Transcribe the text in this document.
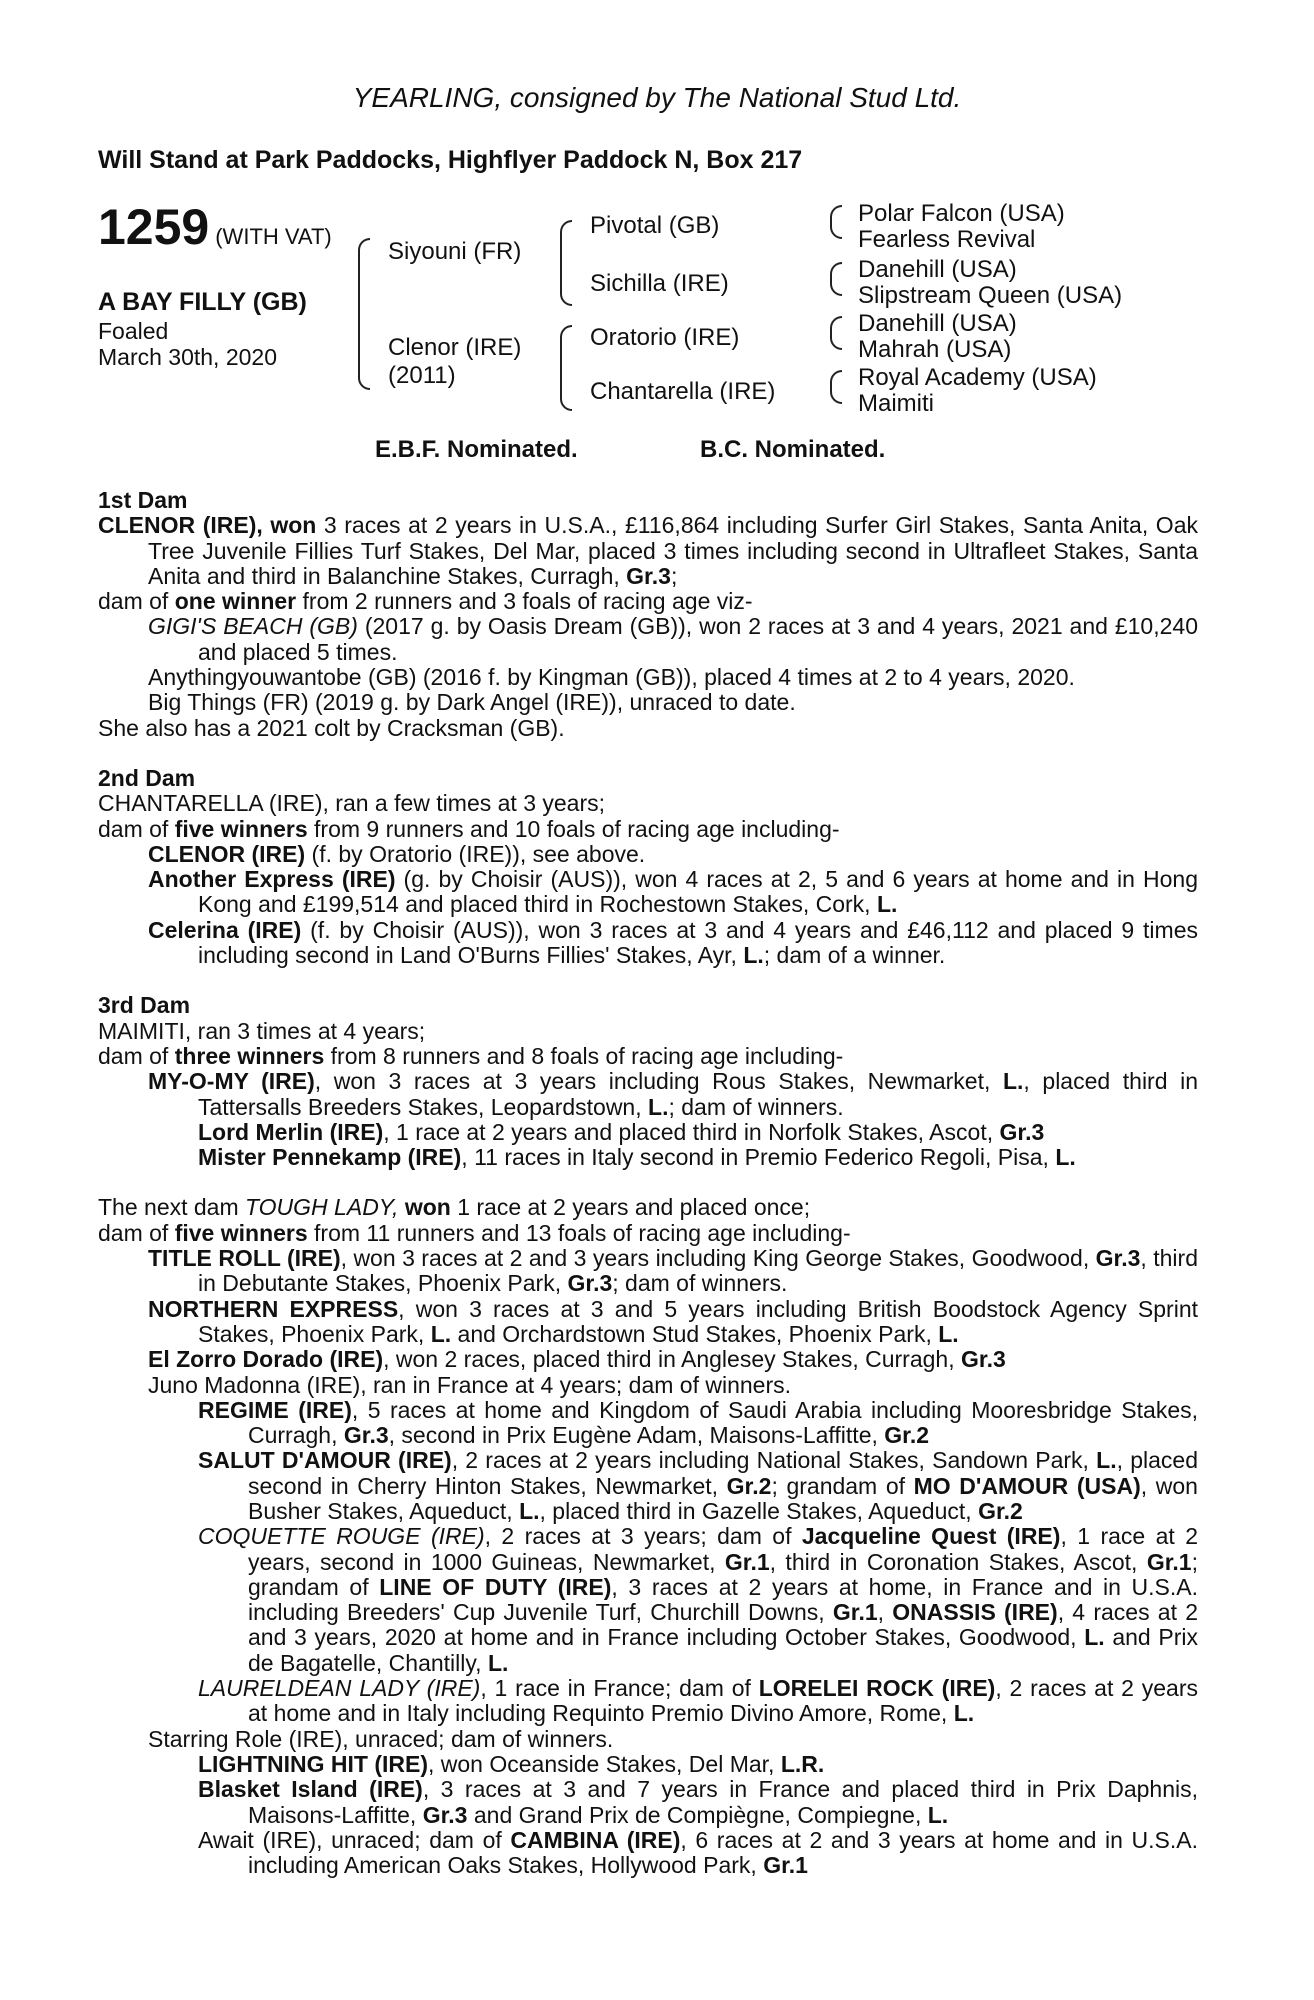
YEARLING, consigned by The National Stud Ltd.
Will Stand at Park Paddocks, Highflyer Paddock N, Box 217
1259 (WITH VAT)
A BAY FILLY (GB)
Foaled
March 30th, 2020
Siyouni (FR)
Clenor (IRE)
(2011)
Pivotal (GB)
Sichilla (IRE)
Oratorio (IRE)
Chantarella (IRE)
Polar Falcon (USA)
Fearless Revival
Danehill (USA)
Slipstream Queen (USA)
Danehill (USA)
Mahrah (USA)
Royal Academy (USA)
Maimiti
E.B.F. Nominated.	B.C. Nominated.
1st Dam

CLENOR (IRE), won 3 races at 2 years in U.S.A., £116,864 including Surfer Girl Stakes, Santa Anita, Oak Tree Juvenile Fillies Turf Stakes, Del Mar, placed 3 times including second in Ultrafleet Stakes, Santa Anita and third in Balanchine Stakes, Curragh, Gr.3;

dam of one winner from 2 runners and 3 foals of racing age viz-

GIGI'S BEACH (GB) (2017 g. by Oasis Dream (GB)), won 2 races at 3 and 4 years, 2021 and £10,240 and placed 5 times.

Anythingyouwantobe (GB) (2016 f. by Kingman (GB)), placed 4 times at 2 to 4 years, 2020.

Big Things (FR) (2019 g. by Dark Angel (IRE)), unraced to date.

She also has a 2021 colt by Cracksman (GB).

2nd Dam

CHANTARELLA (IRE), ran a few times at 3 years;

dam of five winners from 9 runners and 10 foals of racing age including-

CLENOR (IRE) (f. by Oratorio (IRE)), see above.

Another Express (IRE) (g. by Choisir (AUS)), won 4 races at 2, 5 and 6 years at home and in Hong Kong and £199,514 and placed third in Rochestown Stakes, Cork, L.

Celerina (IRE) (f. by Choisir (AUS)), won 3 races at 3 and 4 years and £46,112 and placed 9 times including second in Land O'Burns Fillies' Stakes, Ayr, L.; dam of a winner.

3rd Dam

MAIMITI, ran 3 times at 4 years;

dam of three winners from 8 runners and 8 foals of racing age including-

MY-O-MY (IRE), won 3 races at 3 years including Rous Stakes, Newmarket, L., placed third in Tattersalls Breeders Stakes, Leopardstown, L.; dam of winners.

Lord Merlin (IRE), 1 race at 2 years and placed third in Norfolk Stakes, Ascot, Gr.3

Mister Pennekamp (IRE), 11 races in Italy second in Premio Federico Regoli, Pisa, L.

The next dam TOUGH LADY, won 1 race at 2 years and placed once;

dam of five winners from 11 runners and 13 foals of racing age including-

TITLE ROLL (IRE), won 3 races at 2 and 3 years including King George Stakes, Goodwood, Gr.3, third in Debutante Stakes, Phoenix Park, Gr.3; dam of winners.

NORTHERN EXPRESS, won 3 races at 3 and 5 years including British Boodstock Agency Sprint Stakes, Phoenix Park, L. and Orchardstown Stud Stakes, Phoenix Park, L.

El Zorro Dorado (IRE), won 2 races, placed third in Anglesey Stakes, Curragh, Gr.3

Juno Madonna (IRE), ran in France at 4 years; dam of winners.

REGIME (IRE), 5 races at home and Kingdom of Saudi Arabia including Mooresbridge Stakes, Curragh, Gr.3, second in Prix Eugène Adam, Maisons-Laffitte, Gr.2

SALUT D'AMOUR (IRE), 2 races at 2 years including National Stakes, Sandown Park, L., placed second in Cherry Hinton Stakes, Newmarket, Gr.2; grandam of MO D'AMOUR (USA), won Busher Stakes, Aqueduct, L., placed third in Gazelle Stakes, Aqueduct, Gr.2

COQUETTE ROUGE (IRE), 2 races at 3 years; dam of Jacqueline Quest (IRE), 1 race at 2 years, second in 1000 Guineas, Newmarket, Gr.1, third in Coronation Stakes, Ascot, Gr.1; grandam of LINE OF DUTY (IRE), 3 races at 2 years at home, in France and in U.S.A. including Breeders' Cup Juvenile Turf, Churchill Downs, Gr.1, ONASSIS (IRE), 4 races at 2 and 3 years, 2020 at home and in France including October Stakes, Goodwood, L. and Prix de Bagatelle, Chantilly, L.

LAURELDEAN LADY (IRE), 1 race in France; dam of LORELEI ROCK (IRE), 2 races at 2 years at home and in Italy including Requinto Premio Divino Amore, Rome, L.

Starring Role (IRE), unraced; dam of winners.

LIGHTNING HIT (IRE), won Oceanside Stakes, Del Mar, L.R.

Blasket Island (IRE), 3 races at 3 and 7 years in France and placed third in Prix Daphnis, Maisons-Laffitte, Gr.3 and Grand Prix de Compiègne, Compiegne, L.

Await (IRE), unraced; dam of CAMBINA (IRE), 6 races at 2 and 3 years at home and in U.S.A. including American Oaks Stakes, Hollywood Park, Gr.1
